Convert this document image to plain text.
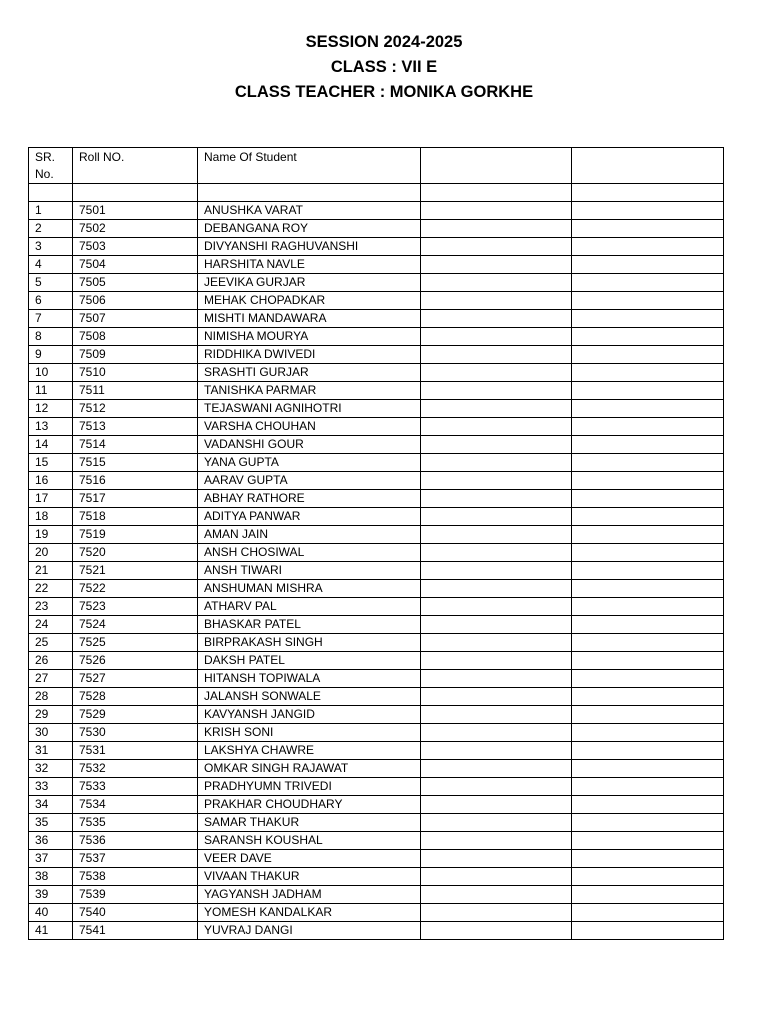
SESSION 2024-2025
CLASS : VII E
CLASS TEACHER : MONIKA GORKHE
SR. No.	Roll NO.	Name Of Student		

1	7501	ANUSHKA VARAT		
2	7502	DEBANGANA ROY		
3	7503	DIVYANSHI RAGHUVANSHI		
4	7504	HARSHITA NAVLE		
5	7505	JEEVIKA GURJAR		
6	7506	MEHAK CHOPADKAR		
7	7507	MISHTI MANDAWARA		
8	7508	NIMISHA MOURYA		
9	7509	RIDDHIKA DWIVEDI		
10	7510	SRASHTI GURJAR		
11	7511	TANISHKA PARMAR		
12	7512	TEJASWANI AGNIHOTRI		
13	7513	VARSHA CHOUHAN		
14	7514	VADANSHI GOUR		
15	7515	YANA GUPTA		
16	7516	AARAV GUPTA		
17	7517	ABHAY RATHORE		
18	7518	ADITYA PANWAR		
19	7519	AMAN JAIN		
20	7520	ANSH CHOSIWAL		
21	7521	ANSH TIWARI		
22	7522	ANSHUMAN MISHRA		
23	7523	ATHARV PAL		
24	7524	BHASKAR PATEL		
25	7525	BIRPRAKASH SINGH		
26	7526	DAKSH PATEL		
27	7527	HITANSH TOPIWALA		
28	7528	JALANSH SONWALE		
29	7529	KAVYANSH JANGID		
30	7530	KRISH SONI		
31	7531	LAKSHYA CHAWRE		
32	7532	OMKAR SINGH RAJAWAT		
33	7533	PRADHYUMN TRIVEDI		
34	7534	PRAKHAR CHOUDHARY		
35	7535	SAMAR THAKUR		
36	7536	SARANSH KOUSHAL		
37	7537	VEER DAVE		
38	7538	VIVAAN THAKUR		
39	7539	YAGYANSH JADHAM		
40	7540	YOMESH KANDALKAR		
41	7541	YUVRAJ DANGI		
